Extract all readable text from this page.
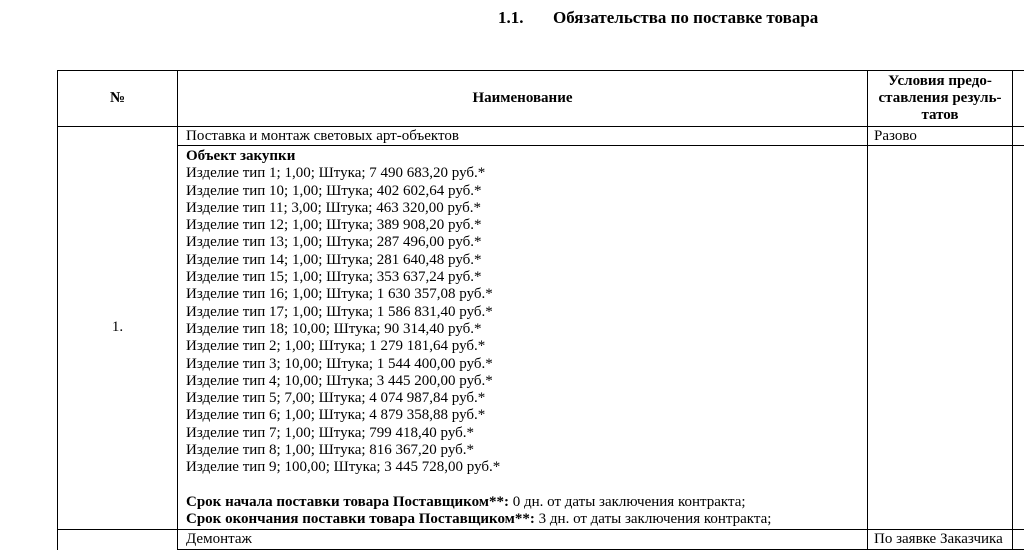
1.1. Обязательства по поставке товара
№	Наименование	Условия предо-ставления резуль-татов	
1.	Поставка и монтаж световых арт-объектов	Разово	

Объект закупки
Изделие тип 1; 1,00; Штука; 7 490 683,20 руб.*
Изделие тип 10; 1,00; Штука; 402 602,64 руб.*
Изделие тип 11; 3,00; Штука; 463 320,00 руб.*
Изделие тип 12; 1,00; Штука; 389 908,20 руб.*
Изделие тип 13; 1,00; Штука; 287 496,00 руб.*
Изделие тип 14; 1,00; Штука; 281 640,48 руб.*
Изделие тип 15; 1,00; Штука; 353 637,24 руб.*
Изделие тип 16; 1,00; Штука; 1 630 357,08 руб.*
Изделие тип 17; 1,00; Штука; 1 586 831,40 руб.*
Изделие тип 18; 10,00; Штука; 90 314,40 руб.*
Изделие тип 2; 1,00; Штука; 1 279 181,64 руб.*
Изделие тип 3; 10,00; Штука; 1 544 400,00 руб.*
Изделие тип 4; 10,00; Штука; 3 445 200,00 руб.*
Изделие тип 5; 7,00; Штука; 4 074 987,84 руб.*
Изделие тип 6; 1,00; Штука; 4 879 358,88 руб.*
Изделие тип 7; 1,00; Штука; 799 418,40 руб.*
Изделие тип 8; 1,00; Штука; 816 367,20 руб.*
Изделие тип 9; 100,00; Штука; 3 445 728,00 руб.*
Срок начала поставки товара Поставщиком**: 0 дн. от даты заключения контракта;
Срок окончания поставки товара Поставщиком**: 3 дн. от даты заключения контракта;

	Демонтаж	По заявке Заказчика	
